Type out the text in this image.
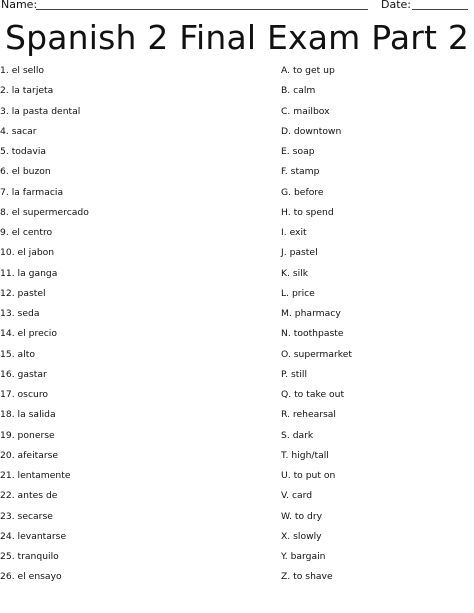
Name:	Date:
Spanish 2 Final Exam Part 2
1. el sello
2. la tarjeta
3. la pasta dental
4. sacar
5. todavia
6. el buzon
7. la farmacia
8. el supermercado
9. el centro
10. el jabon
11. la ganga
12. pastel
13. seda
14. el precio
15. alto
16. gastar
17. oscuro
18. la salida
19. ponerse
20. afeitarse
21. lentamente
22. antes de
23. secarse
24. levantarse
25. tranquilo
26. el ensayo
A. to get up
B. calm
C. mailbox
D. downtown
E. soap
F. stamp
G. before
H. to spend
I. exit
J. pastel
K. silk
L. price
M. pharmacy
N. toothpaste
O. supermarket
P. still
Q. to take out
R. rehearsal
S. dark
T. high/tall
U. to put on
V. card
W. to dry
X. slowly
Y. bargain
Z. to shave
